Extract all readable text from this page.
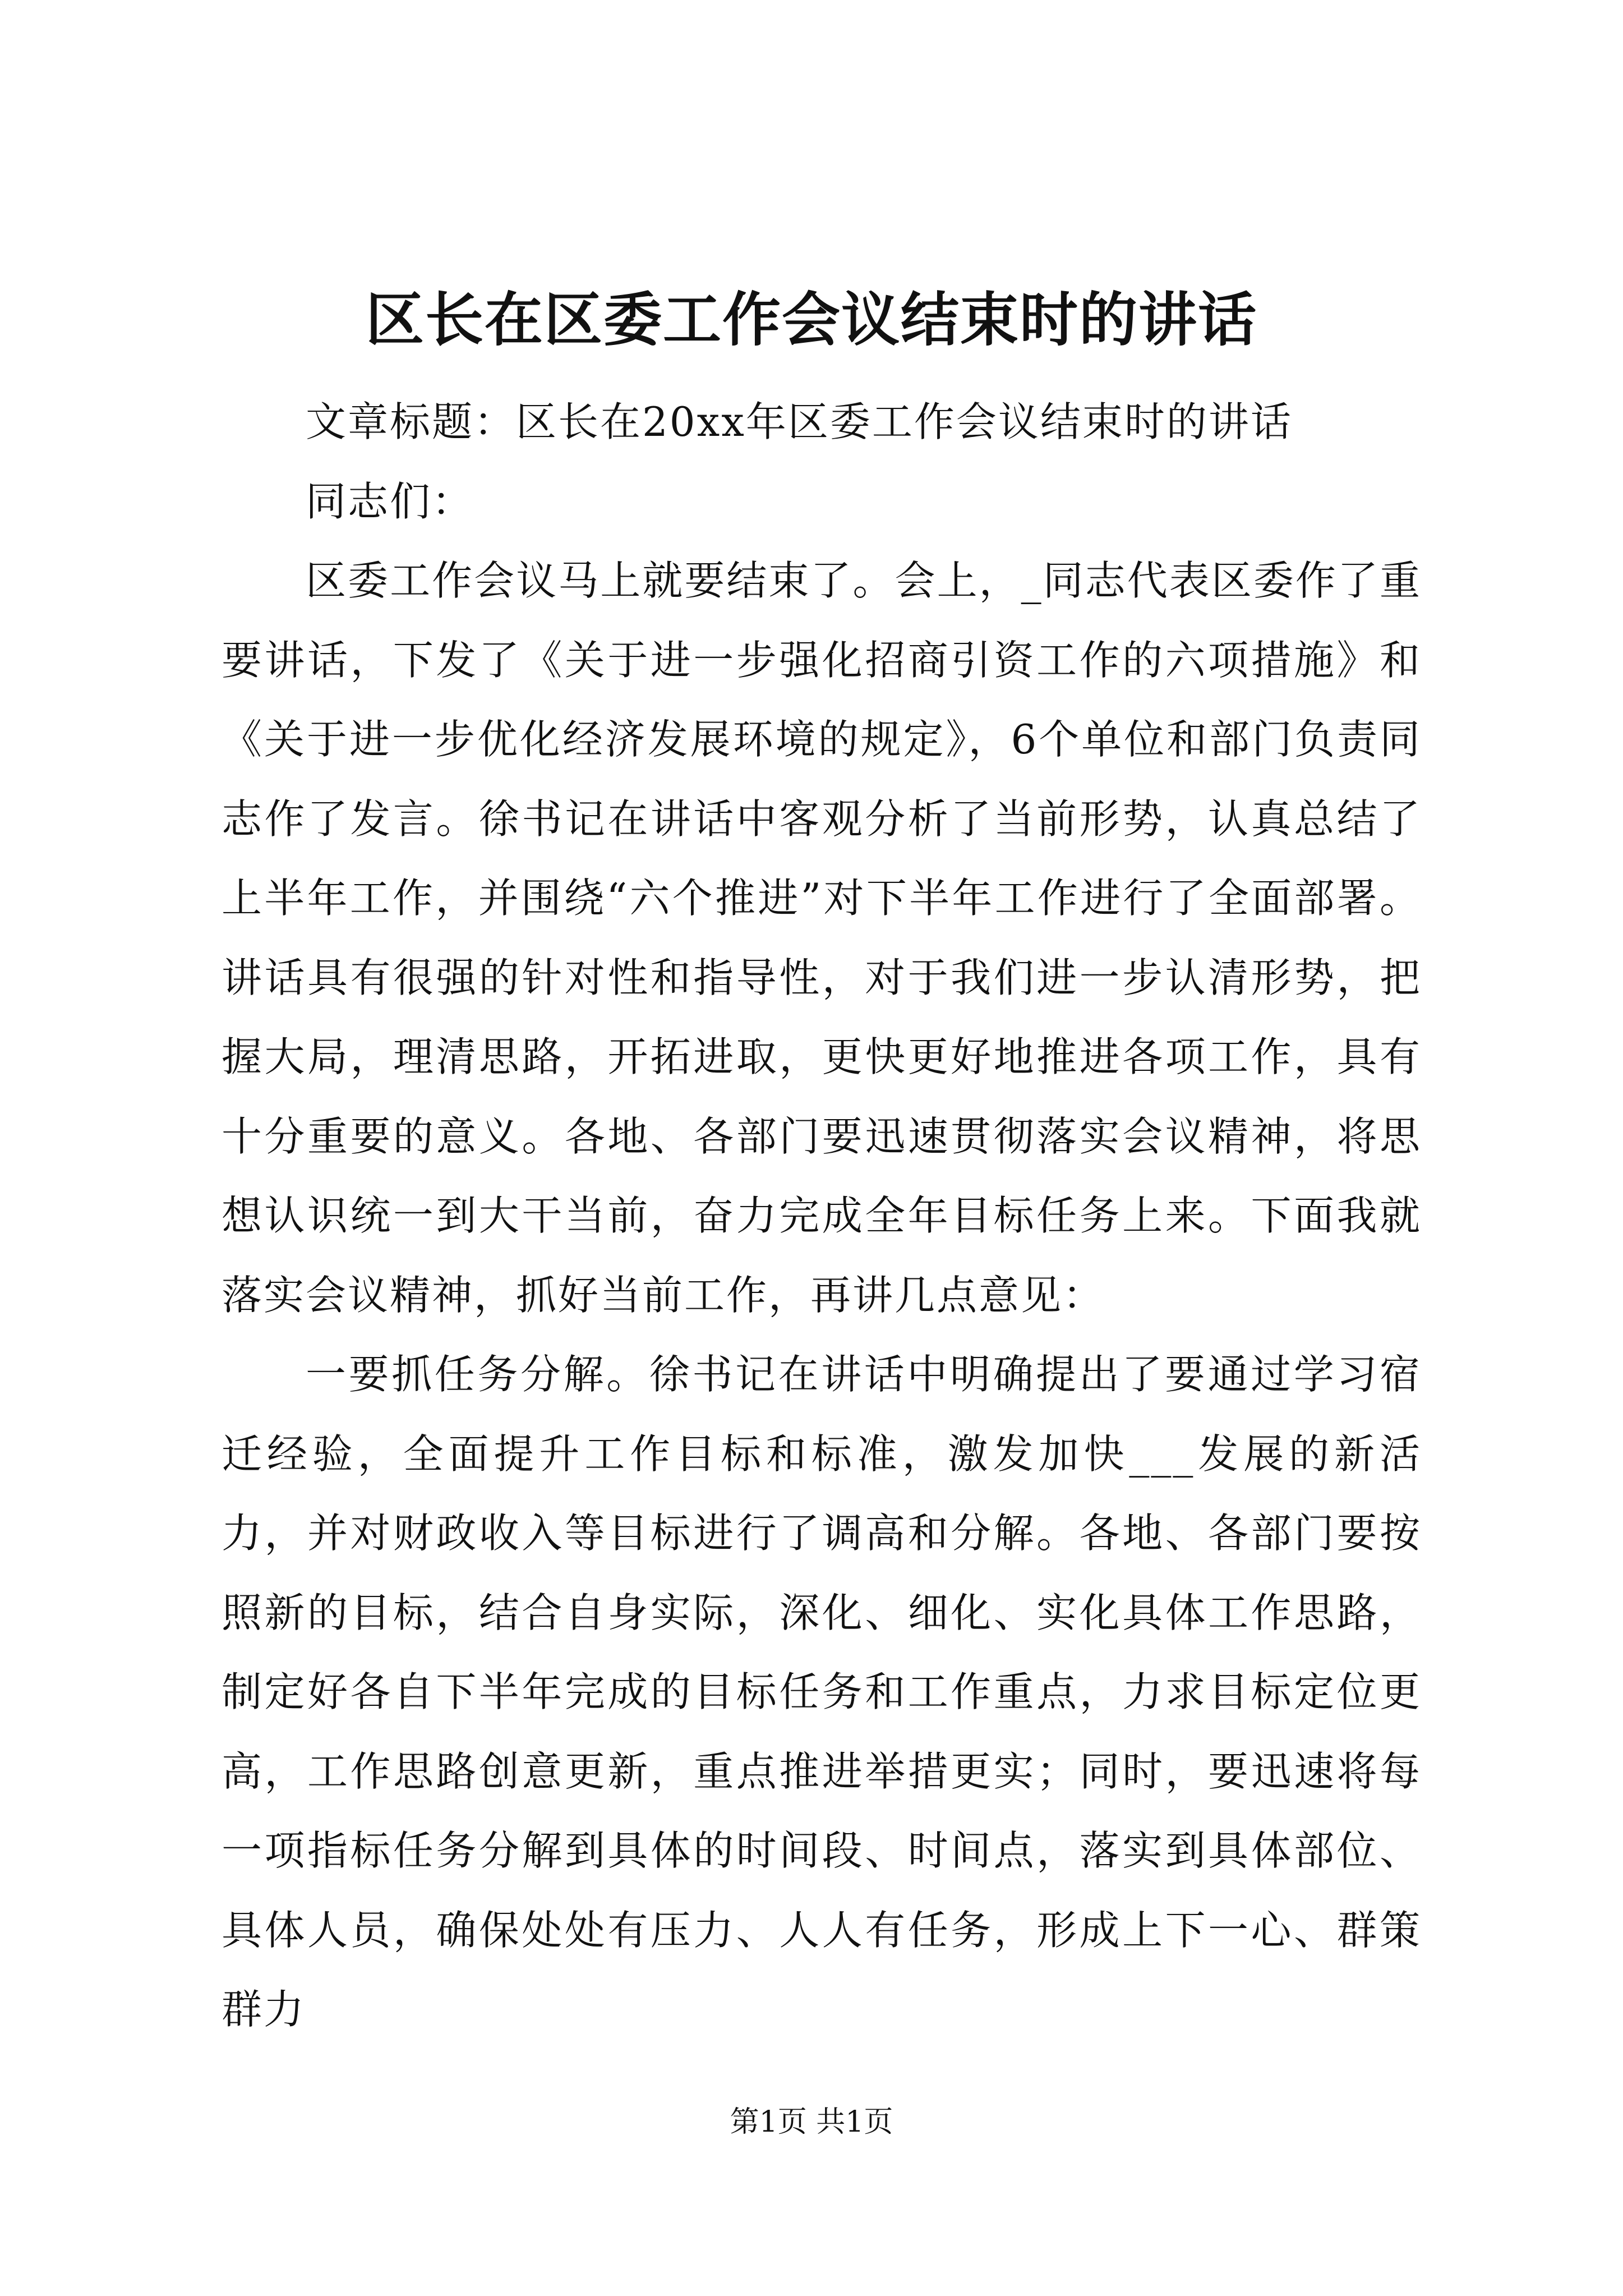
区长在区委工作会议结束时的讲话

文章标题：区长在20xx年区委工作会议结束时的讲话

同志们：

区委工作会议马上就要结束了。会上，_同志代表区委作了重要讲话，下发了《关于进一步强化招商引资工作的六项措施》和《关于进一步优化经济发展环境的规定》，6个单位和部门负责同志作了发言。徐书记在讲话中客观分析了当前形势，认真总结了上半年工作，并围绕“六个推进”对下半年工作进行了全面部署。讲话具有很强的针对性和指导性，对于我们进一步认清形势，把握大局，理清思路，开拓进取，更快更好地推进各项工作，具有十分重要的意义。各地、各部门要迅速贯彻落实会议精神，将思想认识统一到大干当前，奋力完成全年目标任务上来。下面我就落实会议精神，抓好当前工作，再讲几点意见：

一要抓任务分解。徐书记在讲话中明确提出了要通过学习宿迁经验，全面提升工作目标和标准，激发加快___发展的新活力，并对财政收入等目标进行了调高和分解。各地、各部门要按照新的目标，结合自身实际，深化、细化、实化具体工作思路，制定好各自下半年完成的目标任务和工作重点，力求目标定位更高，工作思路创意更新，重点推进举措更实；同时，要迅速将每一项指标任务分解到具体的时间段、时间点，落实到具体部位、具体人员，确保处处有压力、人人有任务，形成上下一心、群策群力

第1页 共1页
